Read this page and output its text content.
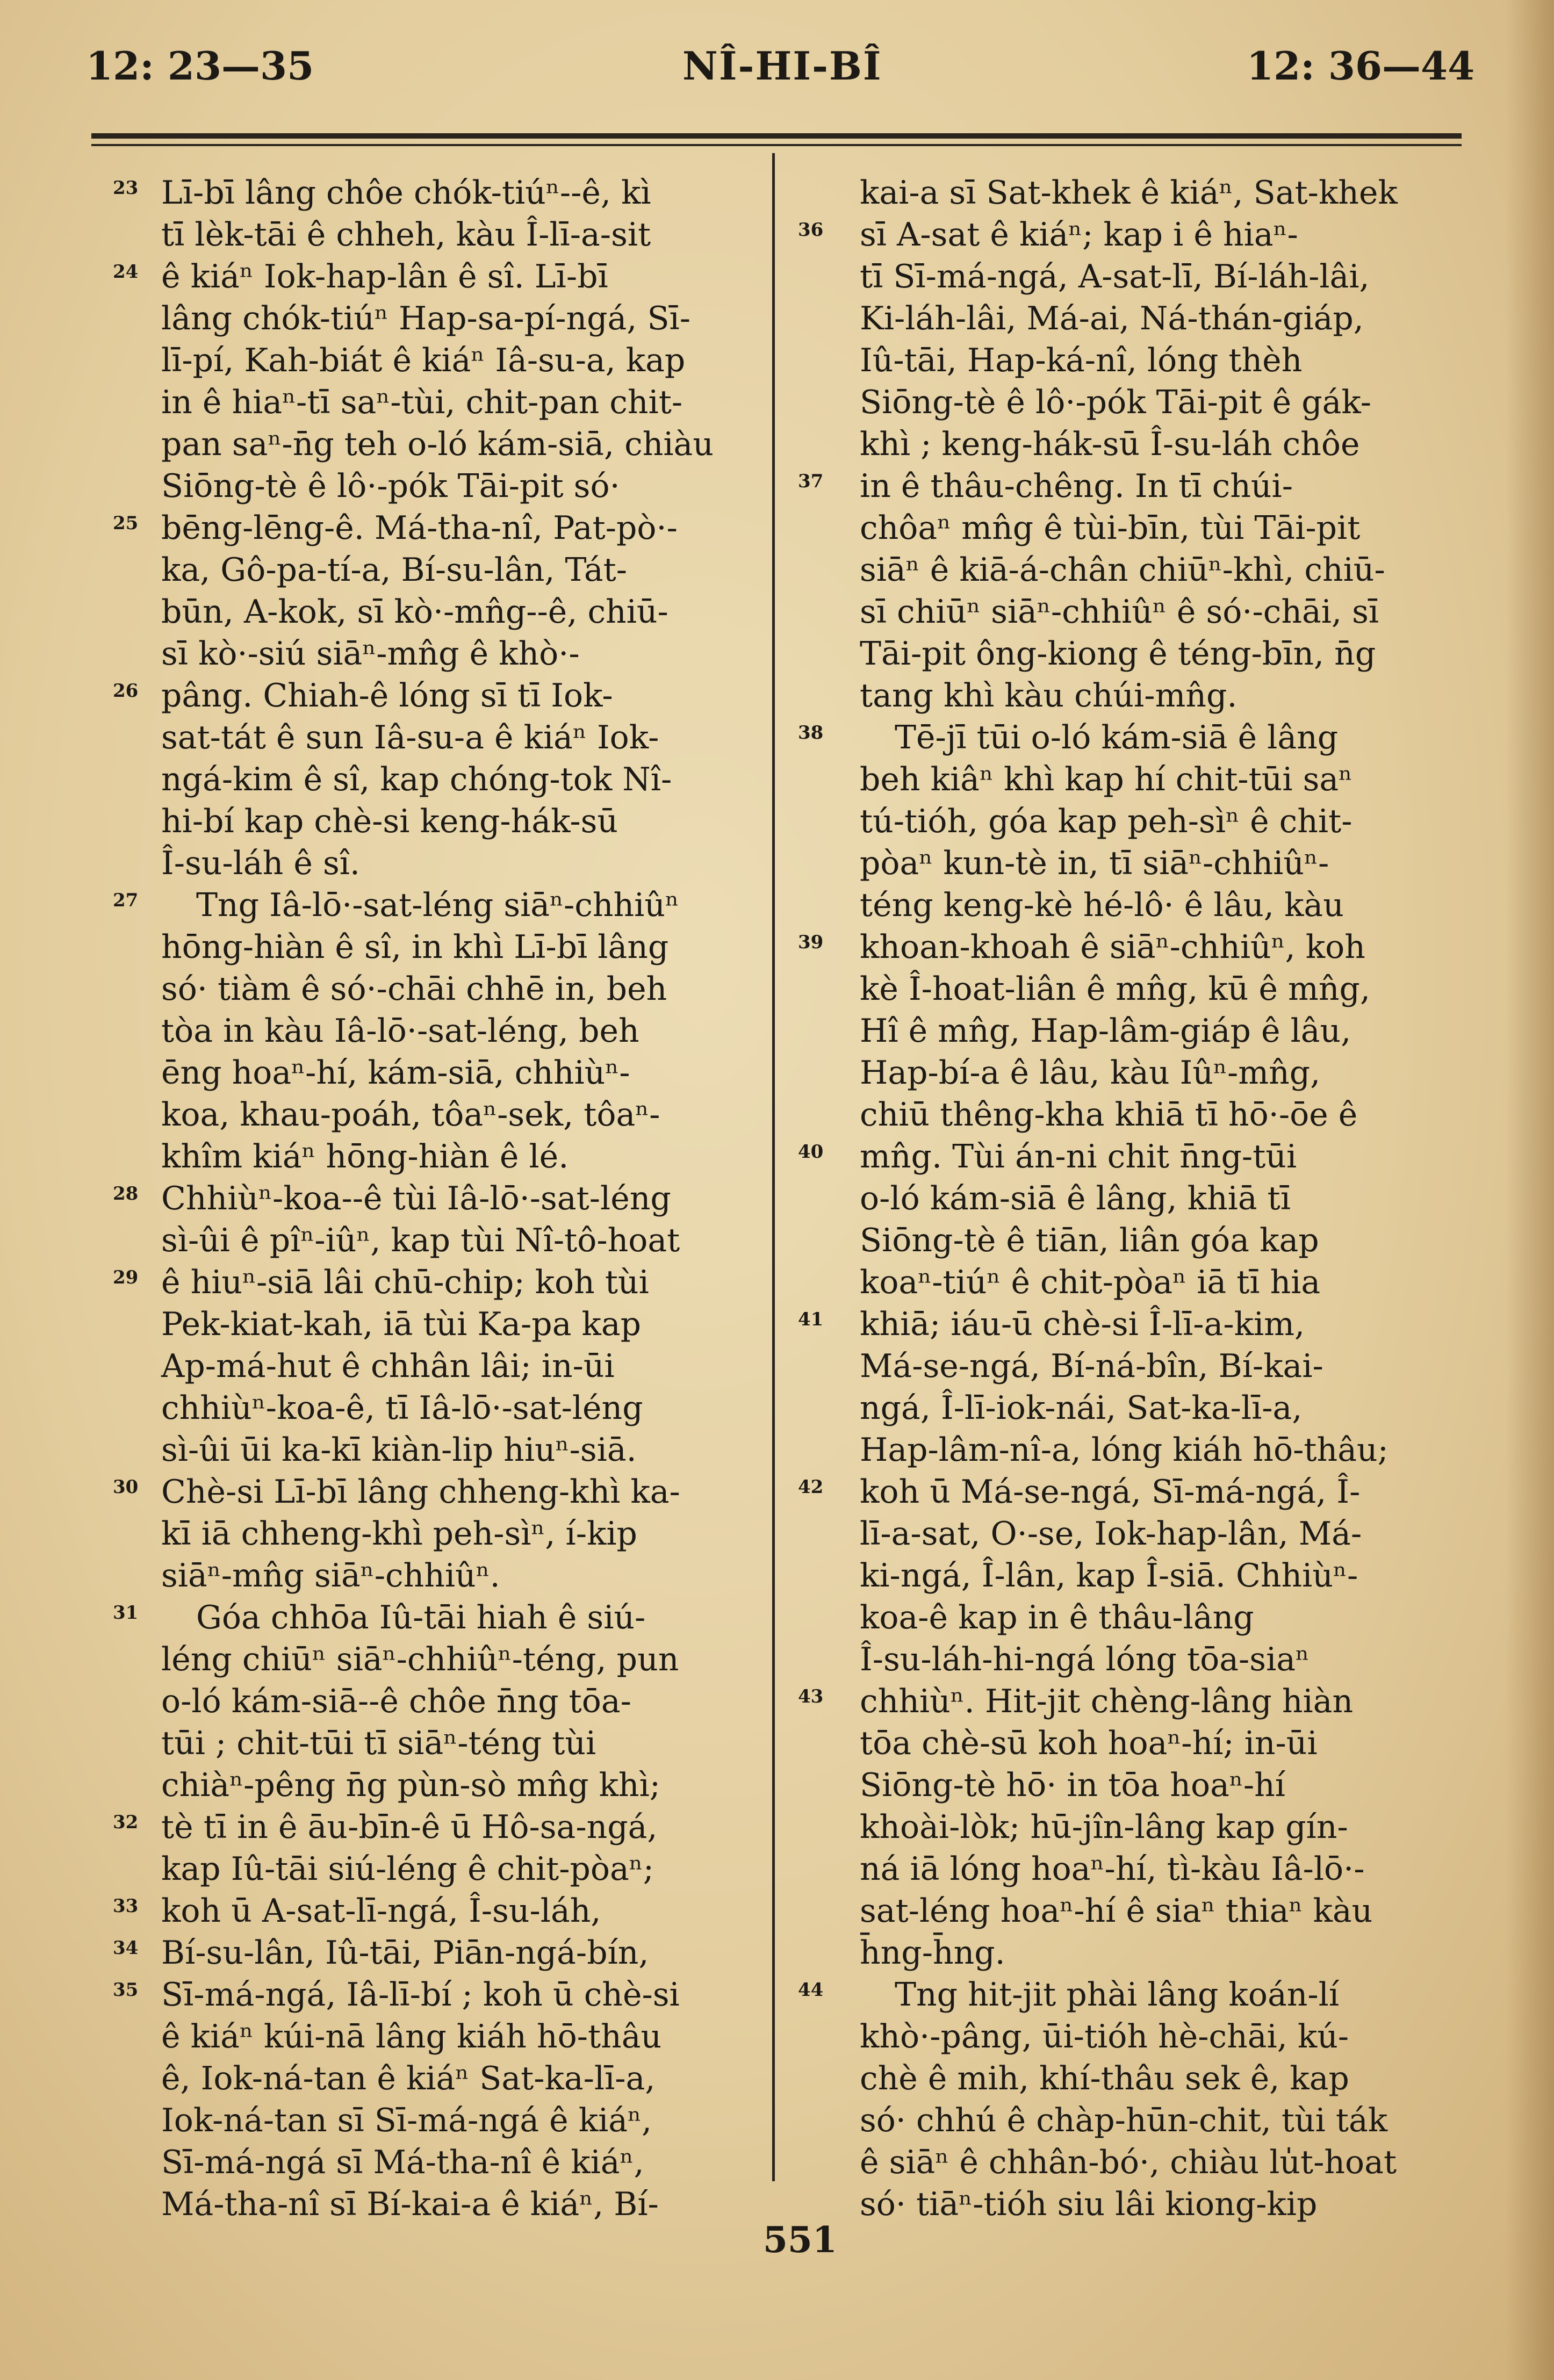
12: 23—35	NÎ-HI-BÎ	12: 36—44
23 Lī-bī lâng chôe chók-tiúⁿ--ê, kì
tī lèk-tāi ê chheh, kàu Î-lī-a-sit
24 ê kiáⁿ Iok-hap-lân ê sî. Lī-bī
lâng chók-tiúⁿ Hap-sa-pí-ngá, Sī-
lī-pí, Kah-biát ê kiáⁿ Iâ-su-a, kap
in ê hiaⁿ-tī saⁿ-tùi, chit-pan chit-
pan saⁿ-n̄g teh o-ló kám-siā, chiàu
Siōng-tè ê lô·-pók Tāi-pit só·
25 bēng-lēng-ê. Má-tha-nî, Pat-pò·-
ka, Gô-pa-tí-a, Bí-su-lân, Tát-
būn, A-kok, sī kò·-mn̂g--ê, chiū-
sī kò·-siú siāⁿ-mn̂g ê khò·-
26 pâng. Chiah-ê lóng sī tī Iok-
sat-tát ê sun Iâ-su-a ê kiáⁿ Iok-
ngá-kim ê sî, kap chóng-tok Nî-
hi-bí kap chè-si keng-hák-sū
Î-su-láh ê sî.
27 Tng Iâ-lō·-sat-léng siāⁿ-chhiûⁿ
hōng-hiàn ê sî, in khì Lī-bī lâng
só· tiàm ê só·-chāi chhē in, beh
tòa in kàu Iâ-lō·-sat-léng, beh
ēng hoaⁿ-hí, kám-siā, chhiùⁿ-
koa, khau-poáh, tôaⁿ-sek, tôaⁿ-
khîm kiáⁿ hōng-hiàn ê lé.
28 Chhiùⁿ-koa--ê tùi Iâ-lō·-sat-léng
sì-ûi ê pîⁿ-iûⁿ, kap tùi Nî-tô-hoat
29 ê hiuⁿ-siā lâi chū-chip; koh tùi
Pek-kiat-kah, iā tùi Ka-pa kap
Ap-má-hut ê chhân lâi; in-ūi
chhiùⁿ-koa-ê, tī Iâ-lō·-sat-léng
sì-ûi ūi ka-kī kiàn-lip hiuⁿ-siā.
30 Chè-si Lī-bī lâng chheng-khì ka-
kī iā chheng-khì peh-sìⁿ, í-kip
siāⁿ-mn̂g siāⁿ-chhiûⁿ.
31 Góa chhōa Iû-tāi hiah ê siú-
léng chiūⁿ siāⁿ-chhiûⁿ-téng, pun
o-ló kám-siā--ê chôe n̄ng tōa-
tūi ; chit-tūi tī siāⁿ-téng tùi
chiàⁿ-pêng n̄g pùn-sò mn̂g khì;
32 tè tī in ê āu-bīn-ê ū Hô-sa-ngá,
kap Iû-tāi siú-léng ê chit-pòaⁿ;
33 koh ū A-sat-lī-ngá, Î-su-láh,
34 Bí-su-lân, Iû-tāi, Piān-ngá-bín,
35 Sī-má-ngá, Iâ-lī-bí ; koh ū chè-si
ê kiáⁿ kúi-nā lâng kiáh hō-thâu
ê, Iok-ná-tan ê kiáⁿ Sat-ka-lī-a,
Iok-ná-tan sī Sī-má-ngá ê kiáⁿ,
Sī-má-ngá sī Má-tha-nî ê kiáⁿ,
Má-tha-nî sī Bí-kai-a ê kiáⁿ, Bí-
kai-a sī Sat-khek ê kiáⁿ, Sat-khek
36 sī A-sat ê kiáⁿ; kap i ê hiaⁿ-
tī Sī-má-ngá, A-sat-lī, Bí-láh-lâi,
Ki-láh-lâi, Má-ai, Ná-thán-giáp,
Iû-tāi, Hap-ká-nî, lóng thèh
Siōng-tè ê lô·-pók Tāi-pit ê gák-
khì ; keng-hák-sū Î-su-láh chôe
37 in ê thâu-chêng. In tī chúi-
chôaⁿ mn̂g ê tùi-bīn, tùi Tāi-pit
siāⁿ ê kiā-á-chân chiūⁿ-khì, chiū-
sī chiūⁿ siāⁿ-chhiûⁿ ê só·-chāi, sī
Tāi-pit ông-kiong ê téng-bīn, n̄g
tang khì kàu chúi-mn̂g.
38 Tē-jī tūi o-ló kám-siā ê lâng
beh kiâⁿ khì kap hí chit-tūi saⁿ
tú-tióh, góa kap peh-sìⁿ ê chit-
pòaⁿ kun-tè in, tī siāⁿ-chhiûⁿ-
téng keng-kè hé-lô· ê lâu, kàu
39 khoan-khoah ê siāⁿ-chhiûⁿ, koh
kè Î-hoat-liân ê mn̂g, kū ê mn̂g,
Hî ê mn̂g, Hap-lâm-giáp ê lâu,
Hap-bí-a ê lâu, kàu Iûⁿ-mn̂g,
chiū thêng-kha khiā tī hō·-ōe ê
40 mn̂g. Tùi án-ni chit n̄ng-tūi
o-ló kám-siā ê lâng, khiā tī
Siōng-tè ê tiān, liân góa kap
koaⁿ-tiúⁿ ê chit-pòaⁿ iā tī hia
41 khiā; iáu-ū chè-si Î-lī-a-kim,
Má-se-ngá, Bí-ná-bîn, Bí-kai-
ngá, Î-lī-iok-nái, Sat-ka-lī-a,
Hap-lâm-nî-a, lóng kiáh hō-thâu;
42 koh ū Má-se-ngá, Sī-má-ngá, Î-
lī-a-sat, O·-se, Iok-hap-lân, Má-
ki-ngá, Î-lân, kap Î-siā. Chhiùⁿ-
koa-ê kap in ê thâu-lâng
Î-su-láh-hi-ngá lóng tōa-siaⁿ
43 chhiùⁿ. Hit-jit chèng-lâng hiàn
tōa chè-sū koh hoaⁿ-hí; in-ūi
Siōng-tè hō· in tōa hoaⁿ-hí
khoài-lòk; hū-jîn-lâng kap gín-
ná iā lóng hoaⁿ-hí, tì-kàu Iâ-lō·-
sat-léng hoaⁿ-hí ê siaⁿ thiaⁿ kàu
h̄ng-h̄ng.
44 Tng hit-jit phài lâng koán-lí
khò·-pâng, ūi-tióh hè-chāi, kú-
chè ê mih, khí-thâu sek ê, kap
só· chhú ê chàp-hūn-chit, tùi ták
ê siāⁿ ê chhân-bó·, chiàu lu̍t-hoat
só· tiāⁿ-tióh siu lâi kiong-kip
551
